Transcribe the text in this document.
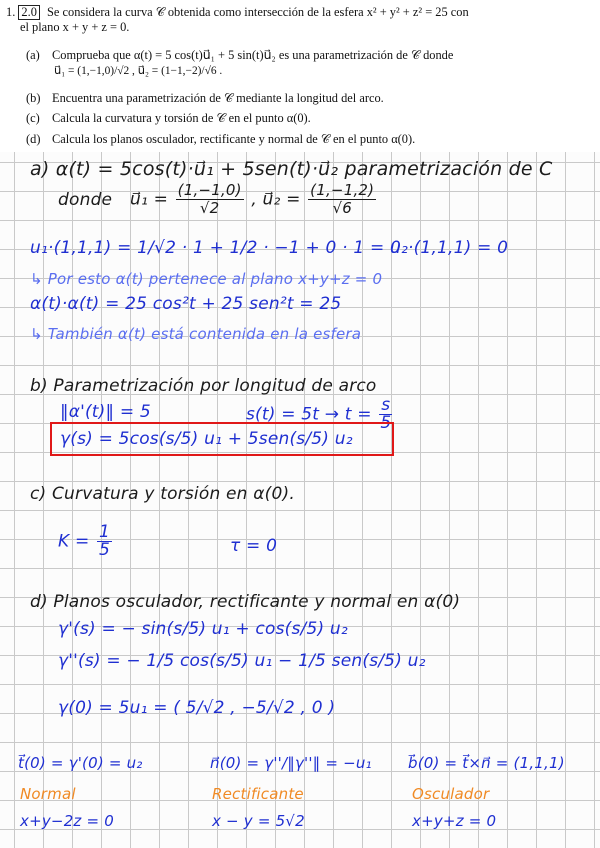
1. 2.0 Se considera la curva 𝒞 obtenida como intersección de la esfera x² + y² + z² = 25 con
el plano x + y + z = 0.
(a) Comprueba que α(t) = 5 cos(t)u⃗₁ + 5 sin(t)u⃗₂ es una parametrización de 𝒞 donde
u⃗₁ = (1,−1,0)/√2 , u⃗₂ = (1−1,−2)/√6 .
(b) Encuentra una parametrización de 𝒞 mediante la longitud del arco.
(c) Calcula la curvatura y torsión de 𝒞 en el punto α(0).
(d) Calcula los planos osculador, rectificante y normal de 𝒞 en el punto α(0).
a) α(t) = 5cos(t)·u⃗₁ + 5sen(t)·u⃗₂ parametrización de C
donde u⃗₁ = $\frac{(1,-1,0)}{√2}$ , u⃗₂ = $\frac{(1,-1,2)}{√6}$
u₁·(1,1,1) = 1/√2 · 1 + 1/2 · −1 + 0 · 1 = 0
u₂·(1,1,1) = 0
↳ Por esto α(t) pertenece al plano x+y+z = 0
α(t)·α(t) = 25 cos²t + 25 sen²t = 25
↳ También α(t) está contenida en la esfera
b) Parametrización por longitud de arco
‖α'(t)‖ = 5	$s(t) = 5t \to t = \frac{s}{5}$
γ(s) = 5cos(s/5) u₁ + 5sen(s/5) u₂
c) Curvatura y torsión en α(0).
$K = \frac{1}{5}$	τ = 0
d) Planos osculador, rectificante y normal en α(0)
γ'(s) = − sin(s/5) u₁ + cos(s/5) u₂
γ''(s) = − 1/5 cos(s/5) u₁ − 1/5 sen(s/5) u₂
γ(0) = 5u₁ = ( 5/√2 , −5/√2 , 0 )
t⃗(0) = γ'(0) = u₂	n⃗(0) = γ''/‖γ''‖ = −u₁ b⃗(0) = t⃗×n⃗ = (1,1,1)
Normal	Rectificante	Osculador
x+y−2z = 0	x − y = 5√2	x+y+z = 0
